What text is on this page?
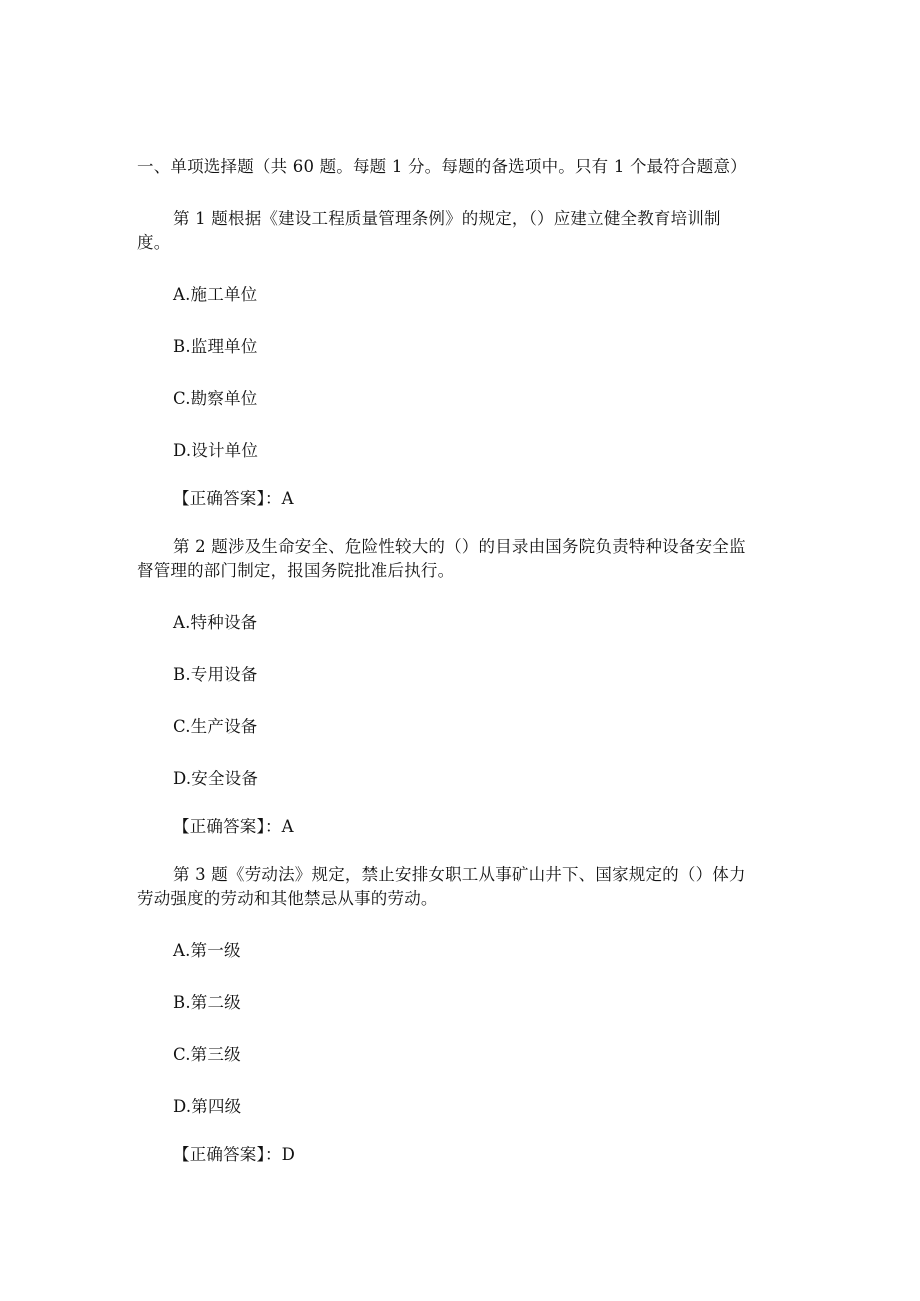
一、单项选择题（共 60 题。每题 1 分。每题的备选项中。只有 1 个最符合题意）
第 1 题根据《建设工程质量管理条例》的规定，（）应建立健全教育培训制
度。
A.施工单位
B.监理单位
C.勘察单位
D.设计单位
【正确答案】：A
第 2 题涉及生命安全、危险性较大的（）的目录由国务院负责特种设备安全监
督管理的部门制定，报国务院批准后执行。
A.特种设备
B.专用设备
C.生产设备
D.安全设备
【正确答案】：A
第 3 题《劳动法》规定，禁止安排女职工从事矿山井下、国家规定的（）体力
劳动强度的劳动和其他禁忌从事的劳动。
A.第一级
B.第二级
C.第三级
D.第四级
【正确答案】：D
